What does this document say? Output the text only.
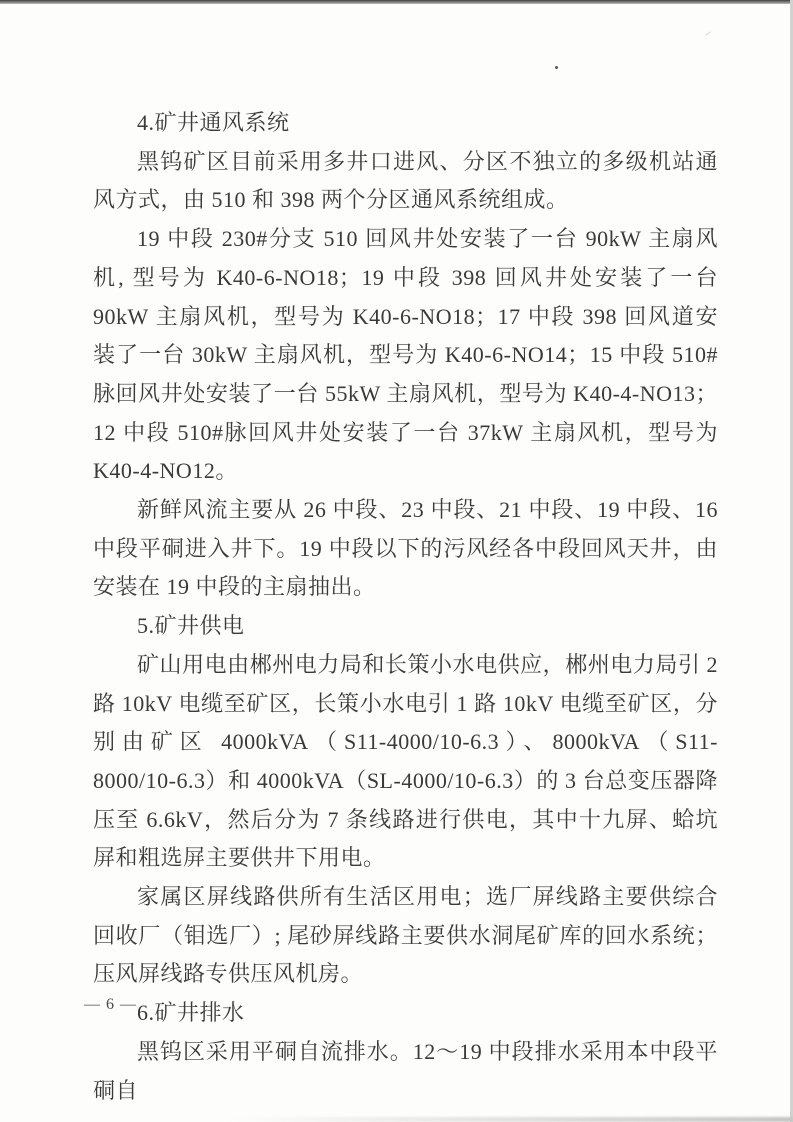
4.矿井通风系统

黑钨矿区目前采用多井口进风、分区不独立的多级机站通风方式，由 510 和 398 两个分区通风系统组成。

19 中段 230#分支 510 回风井处安装了一台 90kW 主扇风机, 型号为 K40-6-NO18；19 中段 398 回风井处安装了一台 90kW 主扇风机，型号为 K40-6-NO18；17 中段 398 回风道安装了一台 30kW 主扇风机，型号为 K40-6-NO14；15 中段 510#脉回风井处安装了一台 55kW 主扇风机，型号为 K40-4-NO13；12 中段 510#脉回风井处安装了一台 37kW 主扇风机，型号为 K40-4-NO12。

新鲜风流主要从 26 中段、23 中段、21 中段、19 中段、16 中段平硐进入井下。19 中段以下的污风经各中段回风天井，由安装在 19 中段的主扇抽出。

5.矿井供电

矿山用电由郴州电力局和长策小水电供应，郴州电力局引 2 路 10kV 电缆至矿区，长策小水电引 1 路 10kV 电缆至矿区，分别由矿区 4000kVA（S11-4000/10-6.3）、8000kVA（S11-8000/10-6.3）和 4000kVA（SL-4000/10-6.3）的 3 台总变压器降压至 6.6kV，然后分为 7 条线路进行供电，其中十九屏、蛤坑屏和粗选屏主要供井下用电。

家属区屏线路供所有生活区用电；选厂屏线路主要供综合回收厂（钼选厂）; 尾砂屏线路主要供水洞尾矿库的回水系统；压风屏线路专供压风机房。

6.矿井排水

黑钨区采用平硐自流排水。12～19 中段排水采用本中段平硐自

— 6 —
